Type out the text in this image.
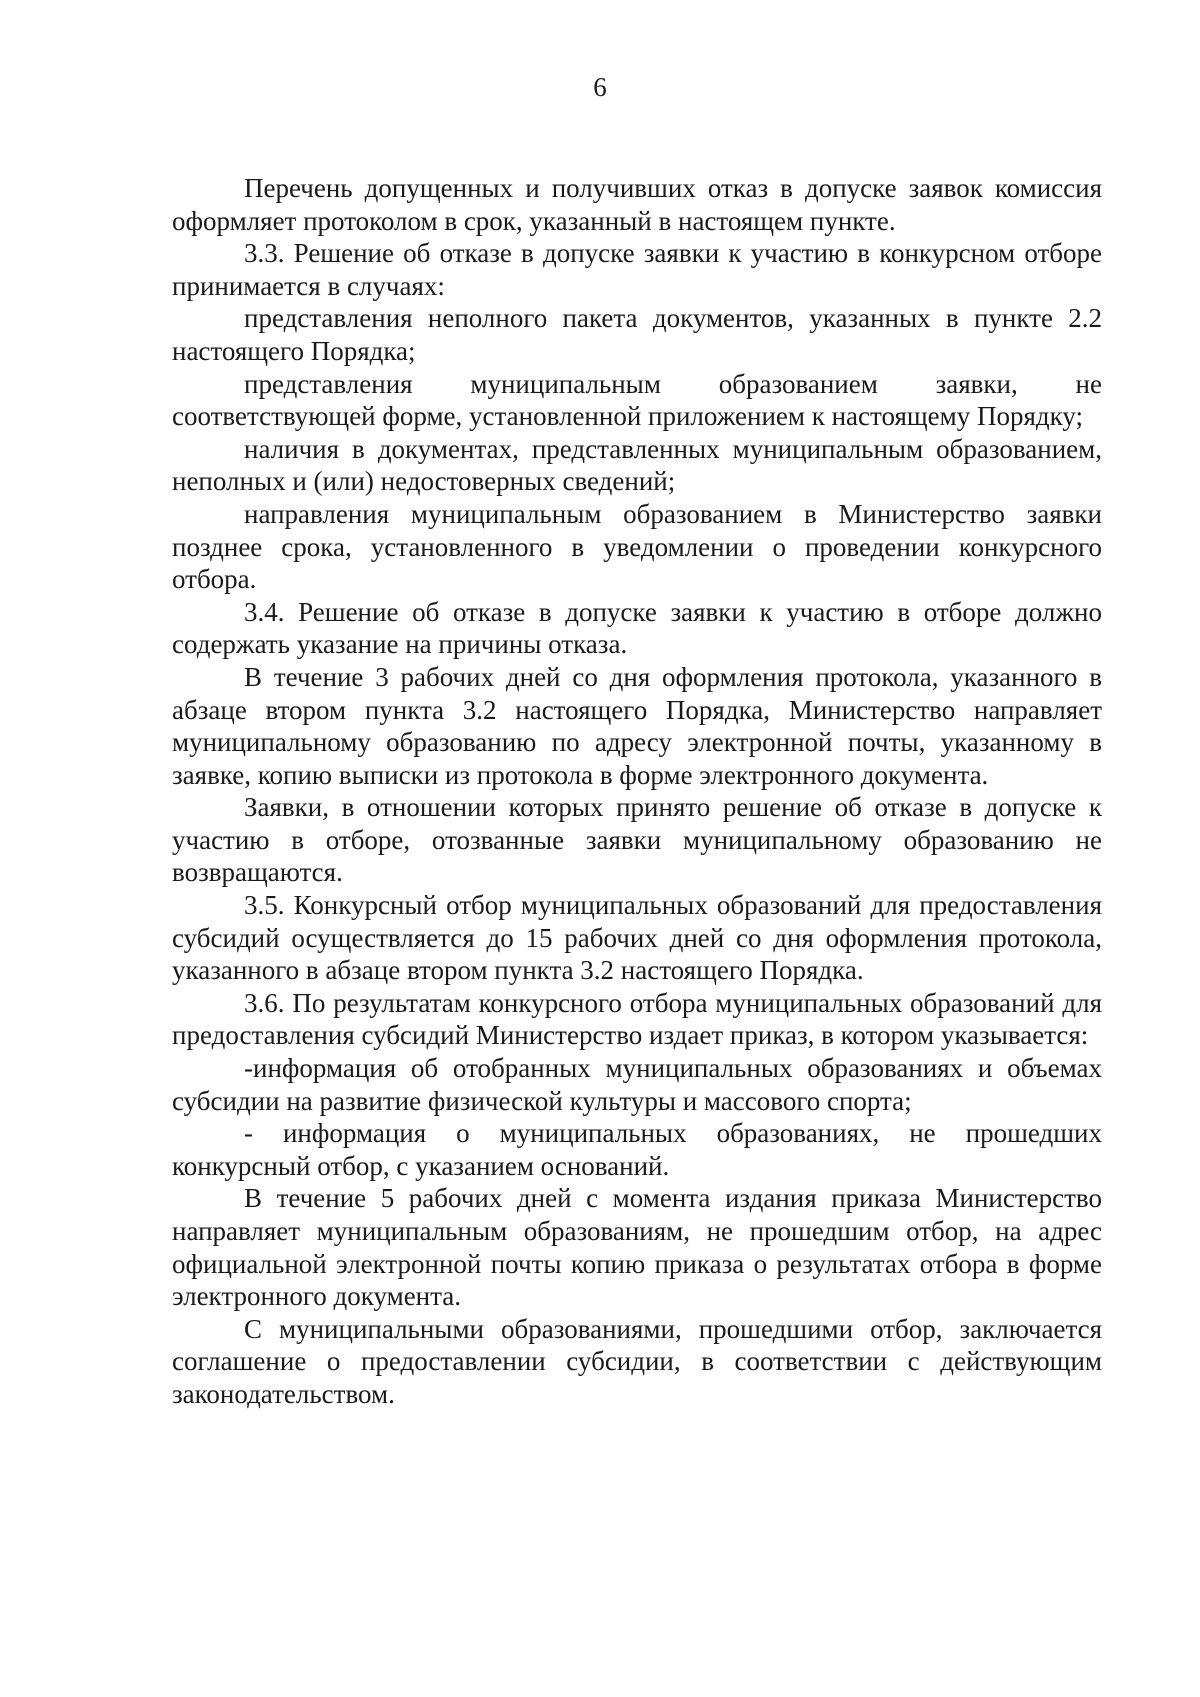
6

Перечень допущенных и получивших отказ в допуске заявок комиссия оформляет протоколом в срок, указанный в настоящем пункте.

3.3. Решение об отказе в допуске заявки к участию в конкурсном отборе принимается в случаях:

представления неполного пакета документов, указанных в пункте 2.2 настоящего Порядка;

представления муниципальным образованием заявки, не соответствующей форме, установленной приложением к настоящему Порядку;

наличия в документах, представленных муниципальным образованием, неполных и (или) недостоверных сведений;

направления муниципальным образованием в Министерство заявки позднее срока, установленного в уведомлении о проведении конкурсного отбора.

3.4. Решение об отказе в допуске заявки к участию в отборе должно содержать указание на причины отказа.

В течение 3 рабочих дней со дня оформления протокола, указанного в абзаце втором пункта 3.2 настоящего Порядка, Министерство направляет муниципальному образованию по адресу электронной почты, указанному в заявке, копию выписки из протокола в форме электронного документа.

Заявки, в отношении которых принято решение об отказе в допуске к участию в отборе, отозванные заявки муниципальному образованию не возвращаются.

3.5. Конкурсный отбор муниципальных образований для предоставления субсидий осуществляется до 15 рабочих дней со дня оформления протокола, указанного в абзаце втором пункта 3.2 настоящего Порядка.

3.6. По результатам конкурсного отбора муниципальных образований для предоставления субсидий Министерство издает приказ, в котором указывается:

-информация об отобранных муниципальных образованиях и объемах субсидии на развитие физической культуры и массового спорта;

- информация о муниципальных образованиях, не прошедших конкурсный отбор, с указанием оснований.

В течение 5 рабочих дней с момента издания приказа Министерство направляет муниципальным образованиям, не прошедшим отбор, на адрес официальной электронной почты копию приказа о результатах отбора в форме электронного документа.

С муниципальными образованиями, прошедшими отбор, заключается соглашение о предоставлении субсидии, в соответствии с действующим законодательством.
